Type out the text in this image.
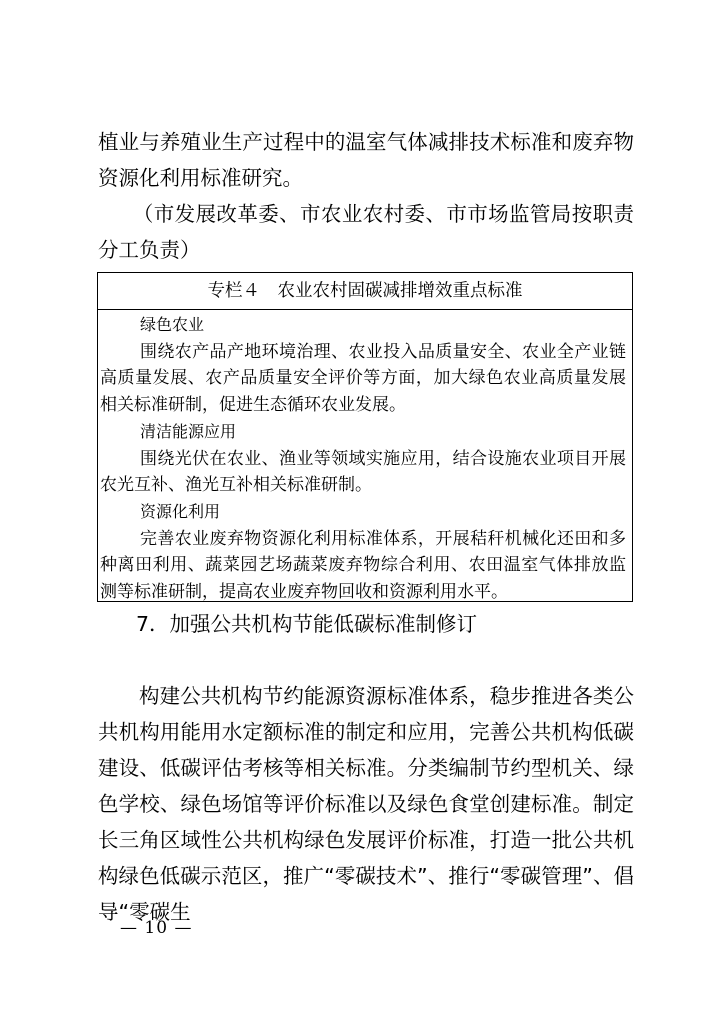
植业与养殖业生产过程中的温室气体减排技术标准和废弃物资源化利用标准研究。

（市发展改革委、市农业农村委、市市场监管局按职责分工负责）

专栏４　农业农村固碳减排增效重点标准

绿色农业

围绕农产品产地环境治理、农业投入品质量安全、农业全产业链高质量发展、农产品质量安全评价等方面，加大绿色农业高质量发展相关标准研制，促进生态循环农业发展。

清洁能源应用

围绕光伏在农业、渔业等领域实施应用，结合设施农业项目开展农光互补、渔光互补相关标准研制。

资源化利用

完善农业废弃物资源化利用标准体系，开展秸秆机械化还田和多种离田利用、蔬菜园艺场蔬菜废弃物综合利用、农田温室气体排放监测等标准研制，提高农业废弃物回收和资源利用水平。

7．加强公共机构节能低碳标准制修订

构建公共机构节约能源资源标准体系，稳步推进各类公共机构用能用水定额标准的制定和应用，完善公共机构低碳建设、低碳评估考核等相关标准。分类编制节约型机关、绿色学校、绿色场馆等评价标准以及绿色食堂创建标准。制定长三角区域性公共机构绿色发展评价标准，打造一批公共机构绿色低碳示范区，推广“零碳技术”、推行“零碳管理”、倡导“零碳生

— 10 —
